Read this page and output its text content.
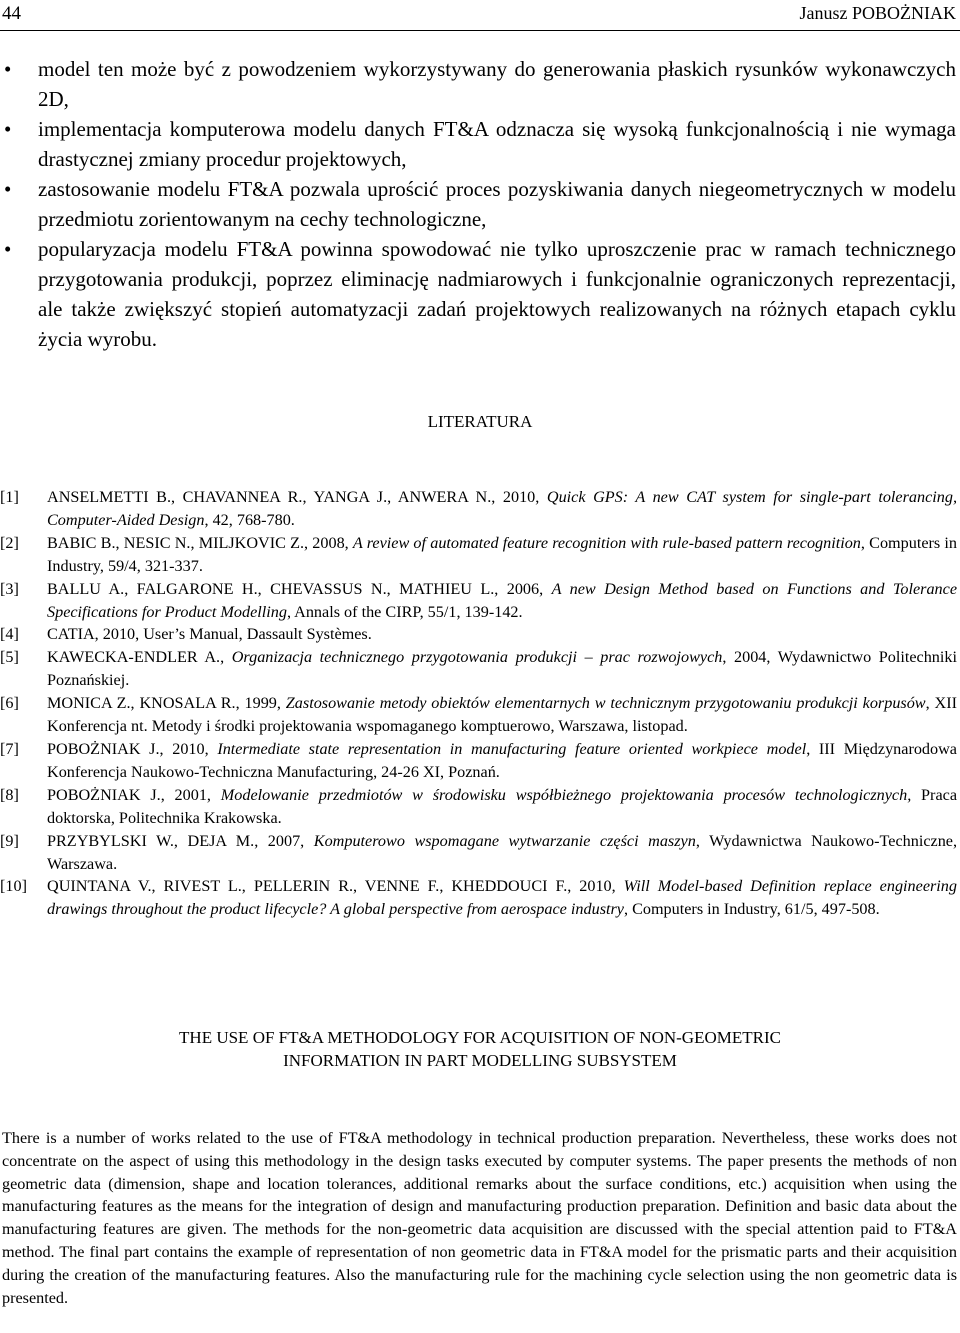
44	Janusz POBOŻNIAK
• model ten może być z powodzeniem wykorzystywany do generowania płaskich rysunków wykonawczych 2D,
• implementacja komputerowa modelu danych FT&A odznacza się wysoką funkcjonalnością i nie wymaga drastycznej zmiany procedur projektowych,
• zastosowanie modelu FT&A pozwala uprościć proces pozyskiwania danych niegeometrycznych w modelu przedmiotu zorientowanym na cechy technologiczne,
• popularyzacja modelu FT&A powinna spowodować nie tylko uproszczenie prac w ramach technicznego przygotowania produkcji, poprzez eliminację nadmiarowych i funkcjonalnie ograniczonych reprezentacji, ale także zwiększyć stopień automatyzacji zadań projektowych realizowanych na różnych etapach cyklu życia wyrobu.
LITERATURA
[1] ANSELMETTI B., CHAVANNEA R., YANGA J., ANWERA N., 2010, Quick GPS: A new CAT system for single-part tolerancing, Computer-Aided Design, 42, 768-780.
[2] BABIC B., NESIC N., MILJKOVIC Z., 2008, A review of automated feature recognition with rule-based pattern recognition, Computers in Industry, 59/4, 321-337.
[3] BALLU A., FALGARONE H., CHEVASSUS N., MATHIEU L., 2006, A new Design Method based on Functions and Tolerance Specifications for Product Modelling, Annals of the CIRP, 55/1, 139-142.
[4] CATIA, 2010, User’s Manual, Dassault Systèmes.
[5] KAWECKA-ENDLER A., Organizacja technicznego przygotowania produkcji – prac rozwojowych, 2004, Wydawnictwo Politechniki Poznańskiej.
[6] MONICA Z., KNOSALA R., 1999, Zastosowanie metody obiektów elementarnych w technicznym przygotowaniu produkcji korpusów, XII Konferencja nt. Metody i środki projektowania wspomaganego komptuerowo, Warszawa, listopad.
[7] POBOŻNIAK J., 2010, Intermediate state representation in manufacturing feature oriented workpiece model, III Międzynarodowa Konferencja Naukowo-Techniczna Manufacturing, 24-26 XI, Poznań.
[8] POBOŻNIAK J., 2001, Modelowanie przedmiotów w środowisku współbieżnego projektowania procesów technologicznych, Praca doktorska, Politechnika Krakowska.
[9] PRZYBYLSKI W., DEJA M., 2007, Komputerowo wspomagane wytwarzanie części maszyn, Wydawnictwa Naukowo-Techniczne, Warszawa.
[10] QUINTANA V., RIVEST L., PELLERIN R., VENNE F., KHEDDOUCI F., 2010, Will Model-based Definition replace engineering drawings throughout the product lifecycle? A global perspective from aerospace industry, Computers in Industry, 61/5, 497-508.
THE USE OF FT&A METHODOLOGY FOR ACQUISITION OF NON-GEOMETRIC
INFORMATION IN PART MODELLING SUBSYSTEM

There is a number of works related to the use of FT&A methodology in technical production preparation. Nevertheless, these works does not concentrate on the aspect of using this methodology in the design tasks executed by computer systems. The paper presents the methods of non geometric data (dimension, shape and location tolerances, additional remarks about the surface conditions, etc.) acquisition when using the manufacturing features as the means for the integration of design and manufacturing production preparation. Definition and basic data about the manufacturing features are given. The methods for the non-geometric data acquisition are discussed with the special attention paid to FT&A method. The final part contains the example of representation of non geometric data in FT&A model for the prismatic parts and their acquisition during the creation of the manufacturing features. Also the manufacturing rule for the machining cycle selection using the non geometric data is presented.
